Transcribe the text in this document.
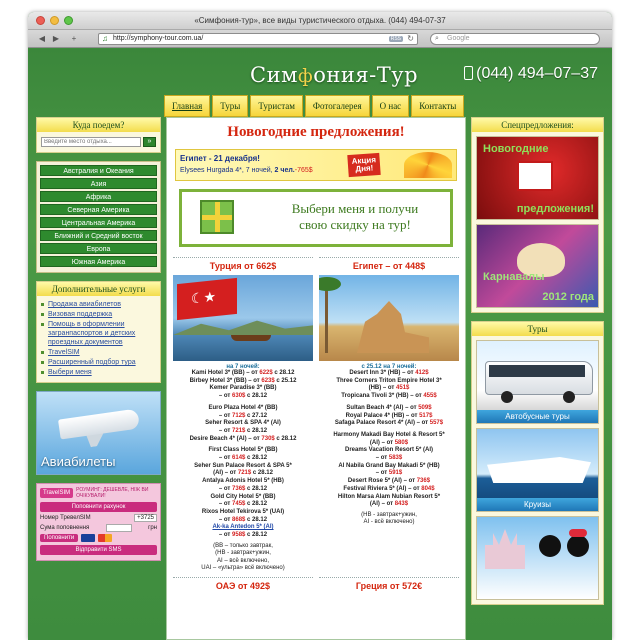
«Симфония-тур», все виды туристического отдыха. (044) 494-07-37
◀ ▶	+	♫ http://symphony-tour.com.ua/	RSS ↻	⌕ Google
Симфония-Тур	(044) 494–07–37
Главная	Туры	Туристам	Фотогалерея	О нас	Контакты
Куда поедем?
Введите место отдыха...
»
Австралия и Океания
Азия
Африка
Северная Америка
Центральная Америка
Ближний и Средний восток
Европа
Южная Америка
Дополнительные услуги
Продажа авиабилетов
Визовая поддержка
Помощь в оформлении загранпаспортов и детских проездных документов
TravelSIM
Расширенный подбор тура
Выбери меня
Авиабилеты
TravelSIM	РОУМИНГ: ДЕШЕВЛЕ, НІЖ ВИ ОЧІКУВАЛИ!
Поповнити рахунок
Номер ТревелSIM	+3725
Сума поповнення	грн
Поповнити
Відправити SMS
Новогодние предложения!
Египет - 21 декабря!
Elysees Hurgada 4*, 7 ночей, 2 чел.-765$
Акция
Дня!
Выбери меня и получи
свою скидку на тур!
Турция от 662$
☾★
на 7 ночей:
Kami Hotel 3* (BB) – от 622$ с 28.12
Birbey Hotel 3* (BB) – от 623$ с 25.12
Kemer Paradise 3* (BB)
– от 630$ с 28.12
Euro Plaza Hotel 4* (BB)
– от 712$ с 27.12
Seher Resort & SPA 4* (AI)
– от 721$ с 28.12
Desire Beach 4* (AI) – от 730$ с 28.12
First Class Hotel 5* (BB)
– от 614$ с 28.12
Seher Sun Palace Resort & SPA 5*
(AI) – от 721$ с 28.12
Antalya Adonis Hotel 5* (HB)
– от 736$ с 28.12
Gold City Hotel 5* (BB)
– от 745$ с 28.12
Rixos Hotel Tekirova 5* (UAI)
– от 868$ с 28.12
Ak-ka Antedon 5* (AI)
– от 958$ с 28.12
(BB – только завтрак,
(HB - завтрак+ужин,
AI – всё включено,
UAI – «ультра» всё включено)
Египет – от 448$
с 25.12 на 7 ночей:
Desert Inn 3* (HB) – от 412$
Three Corners Triton Empire Hotel 3*
(HB) – от 451$
Tropicana Tivoli 3* (HB) – от 455$
Sultan Beach 4* (AI) – от 509$
Royal Palace 4* (HB) – от 517$
Safaga Palace Resort 4* (AI) – от 557$
Harmony Makadi Bay Hotel & Resort 5*
(AI) – от 580$
Dreams Vacation Resort 5* (AI)
– от 583$
Al Nabila Grand Bay Makadi 5* (HB)
– от 591$
Desert Rose 5* (AI) – от 736$
Festival Riviera 5* (AI) – от 804$
Hilton Marsa Alam Nubian Resort 5*
(AI) – от 843$
(HB - завтрак+ужин,
AI - всё включено)
ОАЭ от 492$	Греция от 572€
Спецпредложения:
Новогодние
предложения!
Карнавалы
2012 года
Туры
Автобусные туры
Круизы
